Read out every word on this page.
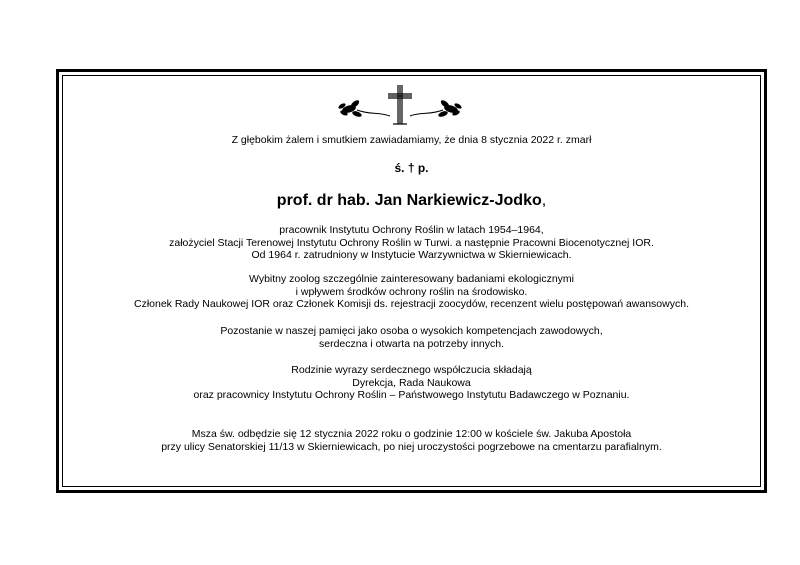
Z głębokim żalem i smutkiem zawiadamiamy, że dnia 8 stycznia 2022 r. zmarł

ś. † p.

prof. dr hab. Jan Narkiewicz-Jodko,

pracownik Instytutu Ochrony Roślin w latach 1954–1964,

założyciel Stacji Terenowej Instytutu Ochrony Roślin w Turwi. a następnie Pracowni Biocenotycznej IOR.

Od 1964 r. zatrudniony w Instytucie Warzywnictwa w Skierniewicach.

Wybitny zoolog szczególnie zainteresowany badaniami ekologicznymi

i wpływem środków ochrony roślin na środowisko.

Członek Rady Naukowej IOR oraz Członek Komisji ds. rejestracji zoocydów, recenzent wielu postępowań awansowych.

Pozostanie w naszej pamięci jako osoba o wysokich kompetencjach zawodowych,

serdeczna i otwarta na potrzeby innych.

Rodzinie wyrazy serdecznego współczucia składają

Dyrekcja, Rada Naukowa

oraz pracownicy Instytutu Ochrony Roślin – Państwowego Instytutu Badawczego w Poznaniu.

Msza św. odbędzie się 12 stycznia 2022 roku o godzinie 12:00 w kościele św. Jakuba Apostoła

przy ulicy Senatorskiej 11/13 w Skierniewicach, po niej uroczystości pogrzebowe na cmentarzu parafialnym.
